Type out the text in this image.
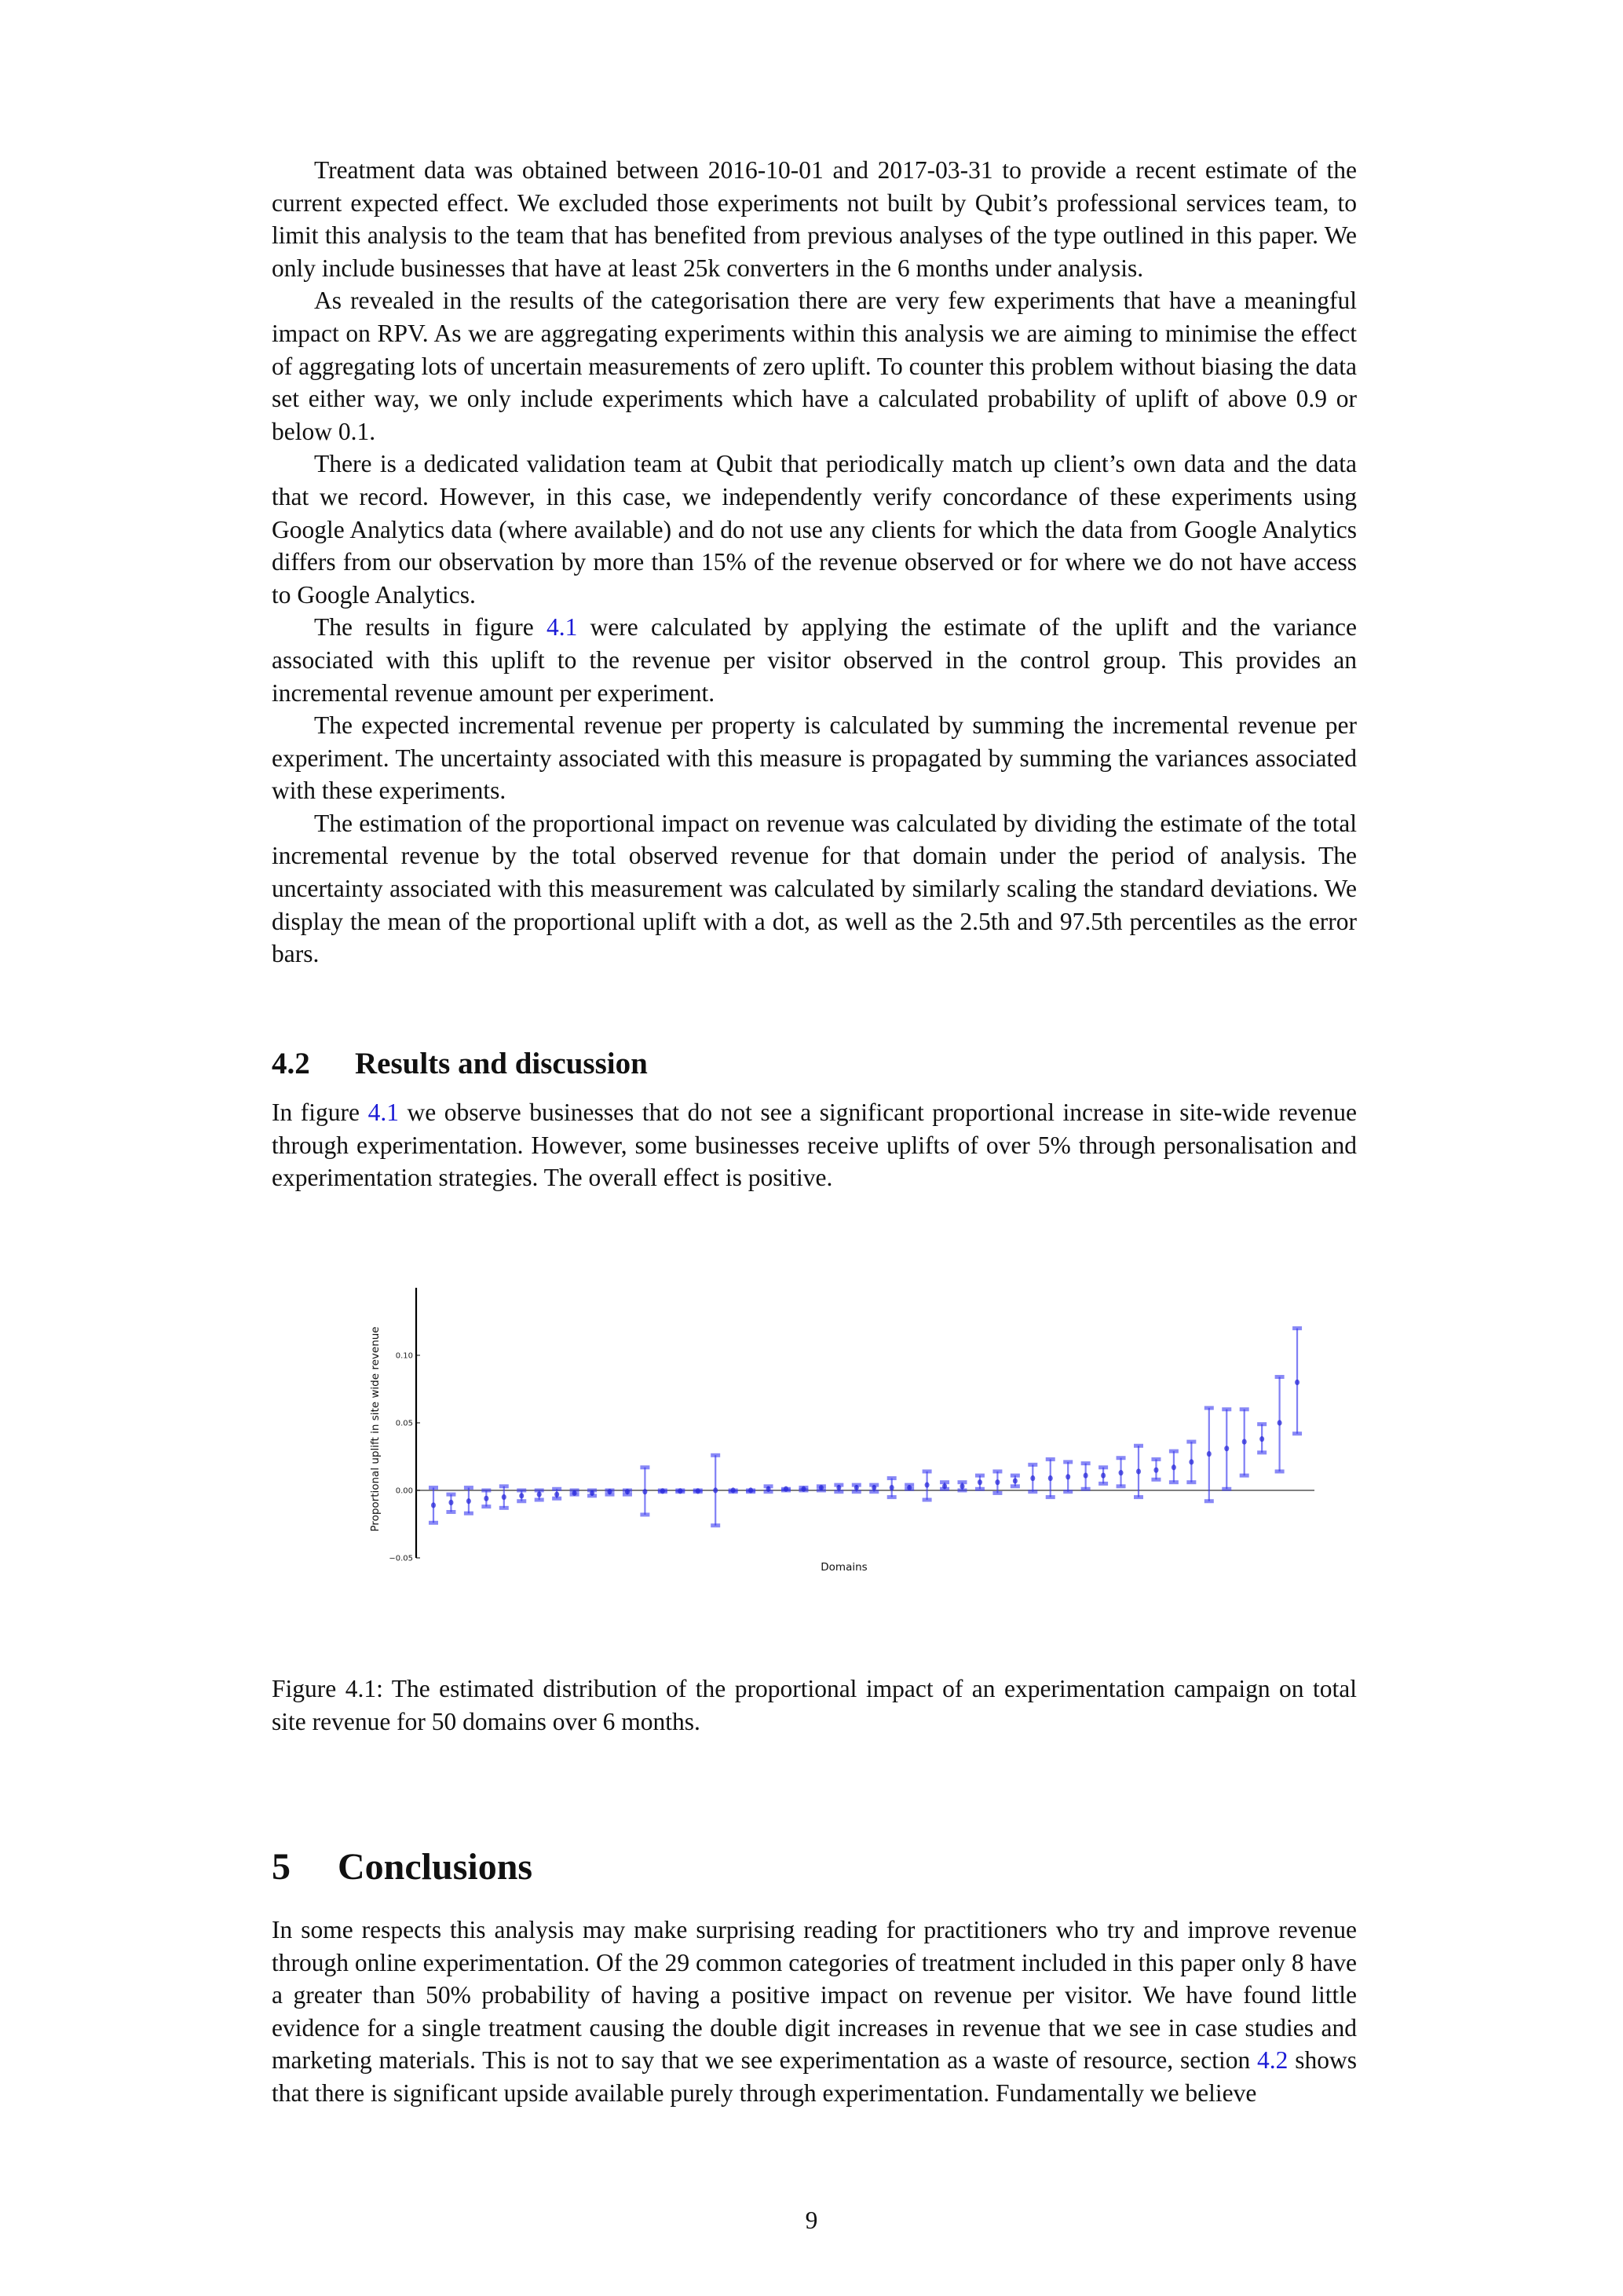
Treatment data was obtained between 2016-10-01 and 2017-03-31 to provide a recent estimate of the current expected effect. We excluded those experiments not built by Qubit’s professional services team, to limit this analysis to the team that has benefited from previous analyses of the type outlined in this paper. We only include businesses that have at least 25k converters in the 6 months under analysis.

As revealed in the results of the categorisation there are very few experiments that have a meaningful impact on RPV. As we are aggregating experiments within this analysis we are aiming to minimise the effect of aggregating lots of uncertain measurements of zero uplift. To counter this problem without biasing the data set either way, we only include experiments which have a calculated probability of uplift of above 0.9 or below 0.1.

There is a dedicated validation team at Qubit that periodically match up client’s own data and the data that we record. However, in this case, we independently verify concordance of these experiments using Google Analytics data (where available) and do not use any clients for which the data from Google Analytics differs from our observation by more than 15% of the revenue observed or for where we do not have access to Google Analytics.

The results in figure 4.1 were calculated by applying the estimate of the uplift and the variance associated with this uplift to the revenue per visitor observed in the control group. This provides an incremental revenue amount per experiment.

The expected incremental revenue per property is calculated by summing the incremental revenue per experiment. The uncertainty associated with this measure is propagated by summing the variances associated with these experiments.

The estimation of the proportional impact on revenue was calculated by dividing the estimate of the total incremental revenue by the total observed revenue for that domain under the period of analysis. The uncertainty associated with this measurement was calculated by similarly scaling the standard deviations. We display the mean of the proportional uplift with a dot, as well as the 2.5th and 97.5th percentiles as the error bars.

4.2 Results and discussion

In figure 4.1 we observe businesses that do not see a significant proportional increase in site-wide revenue through experimentation. However, some businesses receive uplifts of over 5% through personalisation and experimentation strategies. The overall effect is positive.

−0.05
0.00
0.05
0.10
Proportional uplift in site wide revenue
Domains
Figure 4.1: The estimated distribution of the proportional impact of an experimentation campaign on total site revenue for 50 domains over 6 months.
5 Conclusions

In some respects this analysis may make surprising reading for practitioners who try and improve revenue through online experimentation. Of the 29 common categories of treatment included in this paper only 8 have a greater than 50% probability of having a positive impact on revenue per visitor. We have found little evidence for a single treatment causing the double digit increases in revenue that we see in case studies and marketing materials. This is not to say that we see experimentation as a waste of resource, section 4.2 shows that there is significant upside available purely through experimentation. Fundamentally we believe

9
